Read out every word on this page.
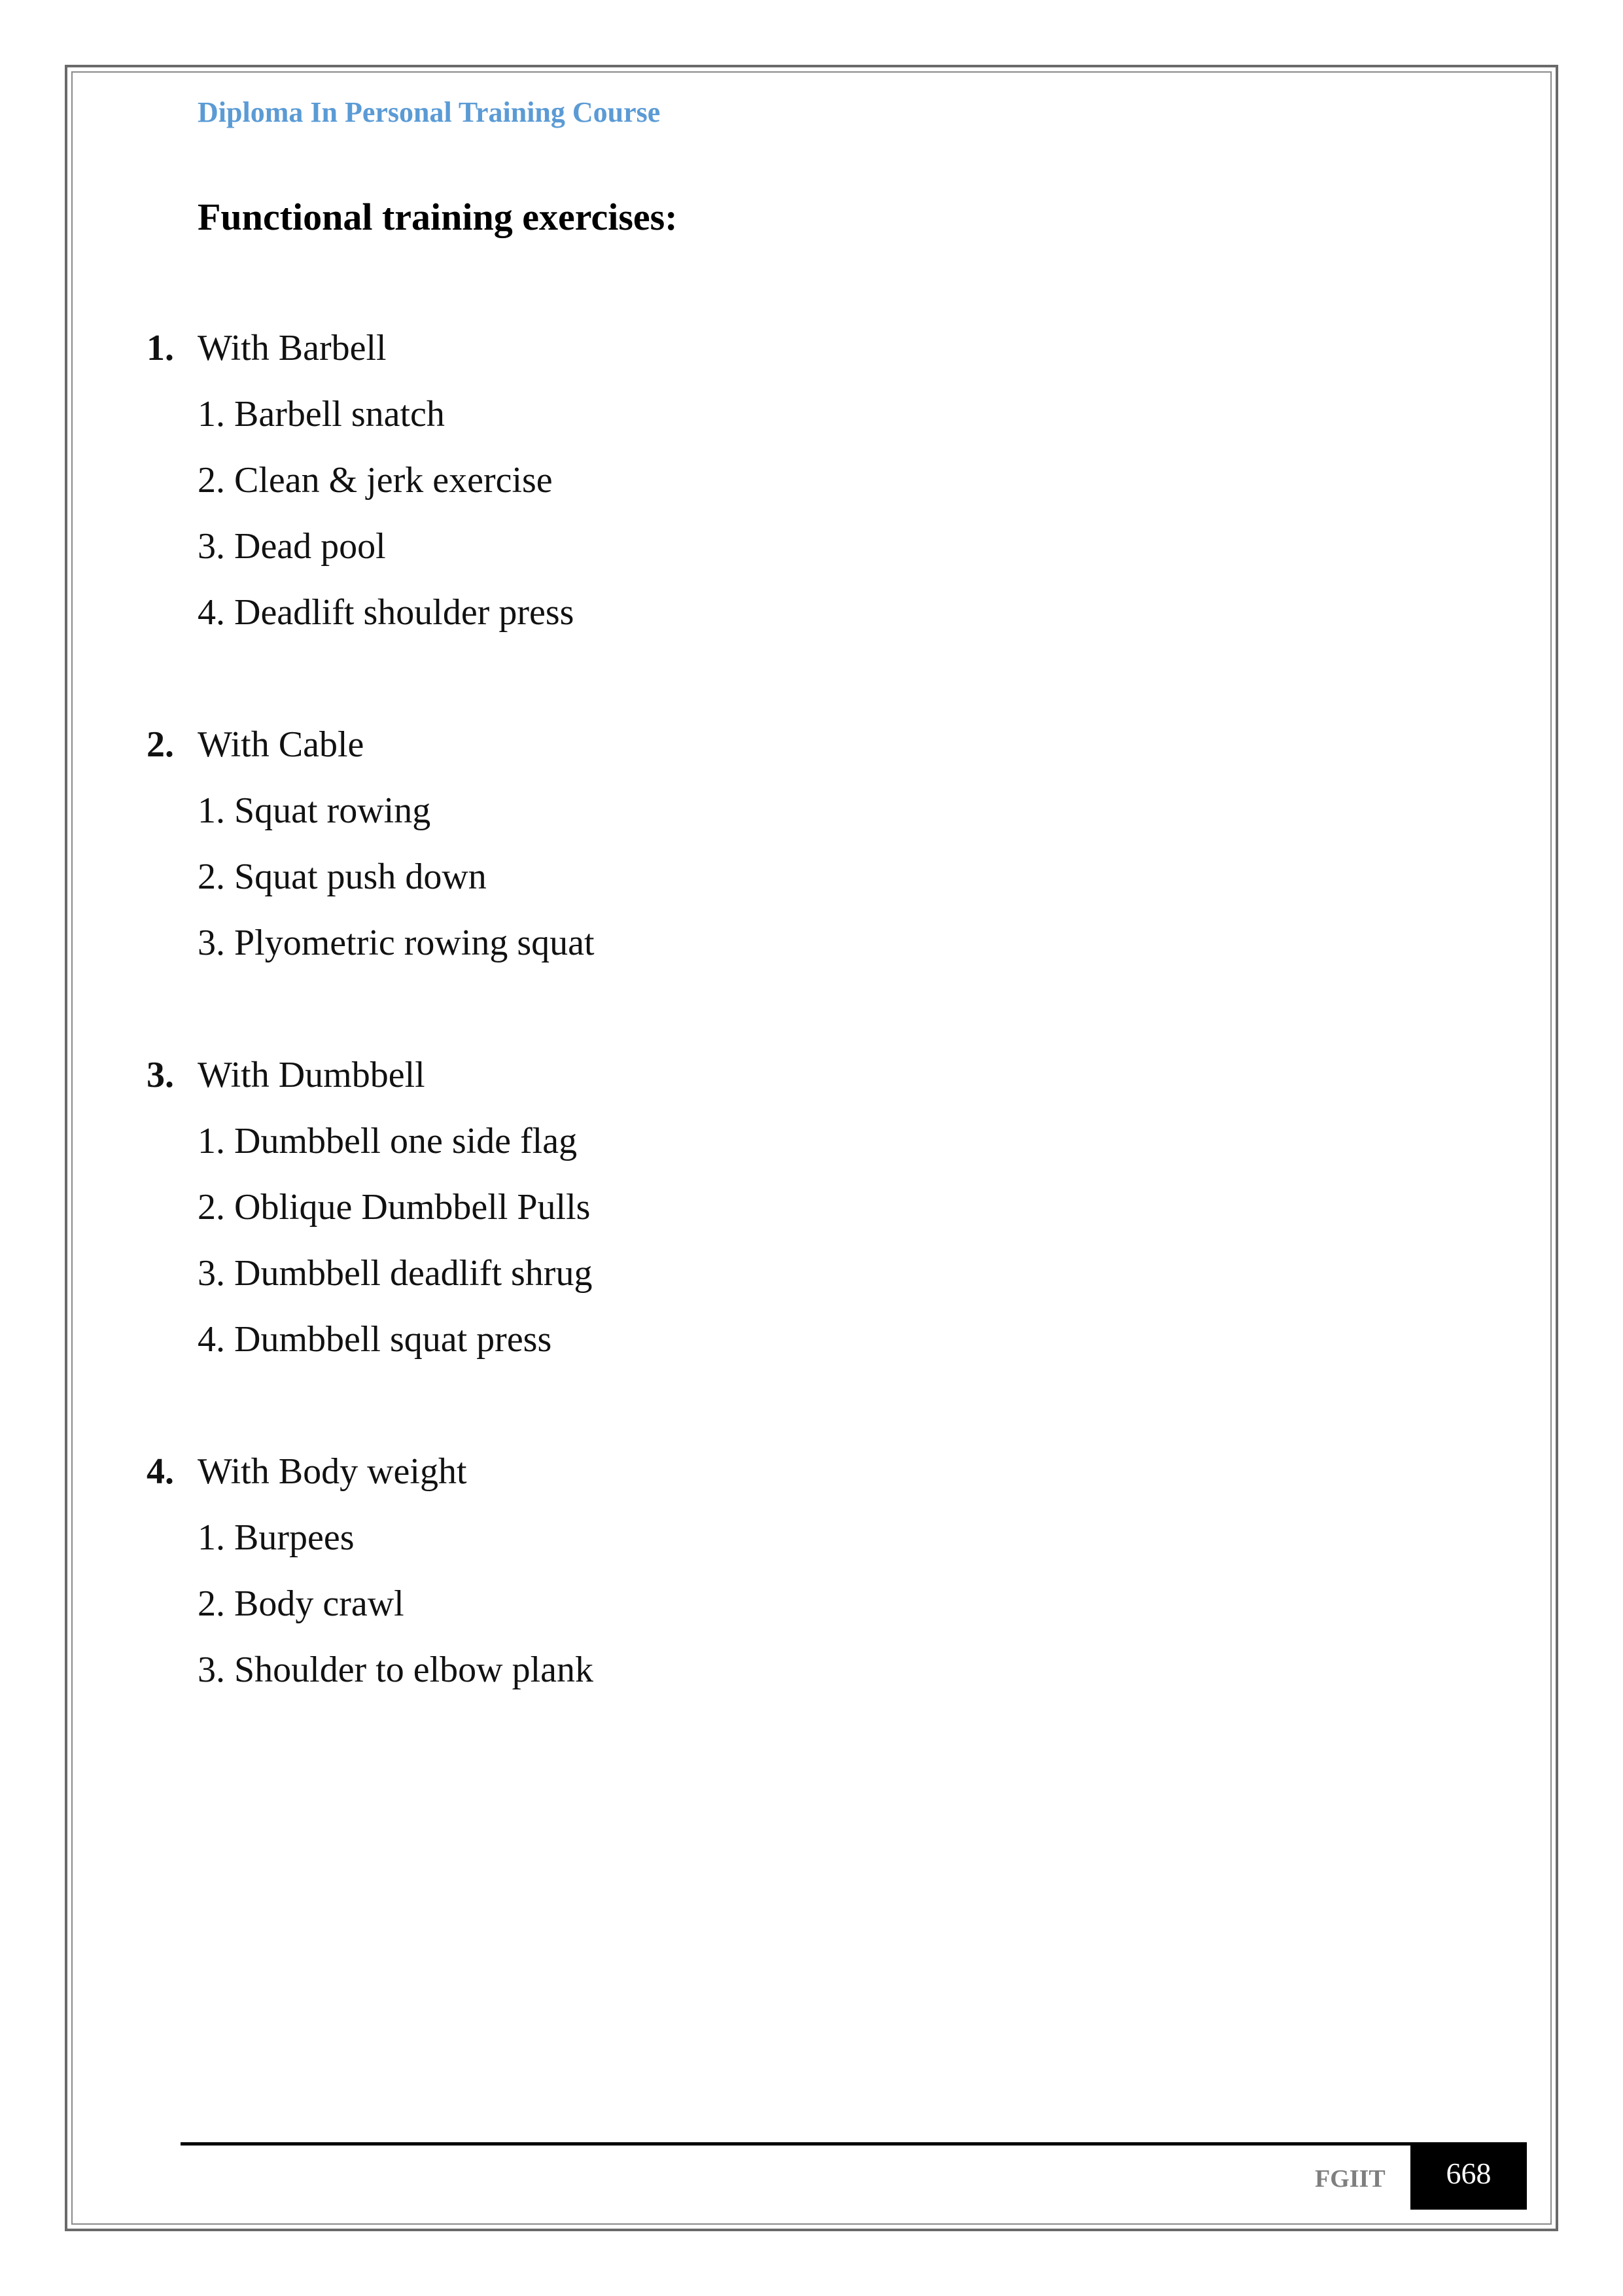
Diploma In Personal Training Course
Functional training exercises:
1. With Barbell
1. Barbell snatch
2. Clean & jerk exercise
3. Dead pool
4. Deadlift shoulder press
2. With Cable
1. Squat rowing
2. Squat push down
3. Plyometric rowing squat
3. With Dumbbell
1. Dumbbell one side flag
2. Oblique Dumbbell Pulls
3. Dumbbell deadlift shrug
4. Dumbbell squat press
4. With Body weight
1. Burpees
2. Body crawl
3. Shoulder to elbow plank
FGIIT	668
